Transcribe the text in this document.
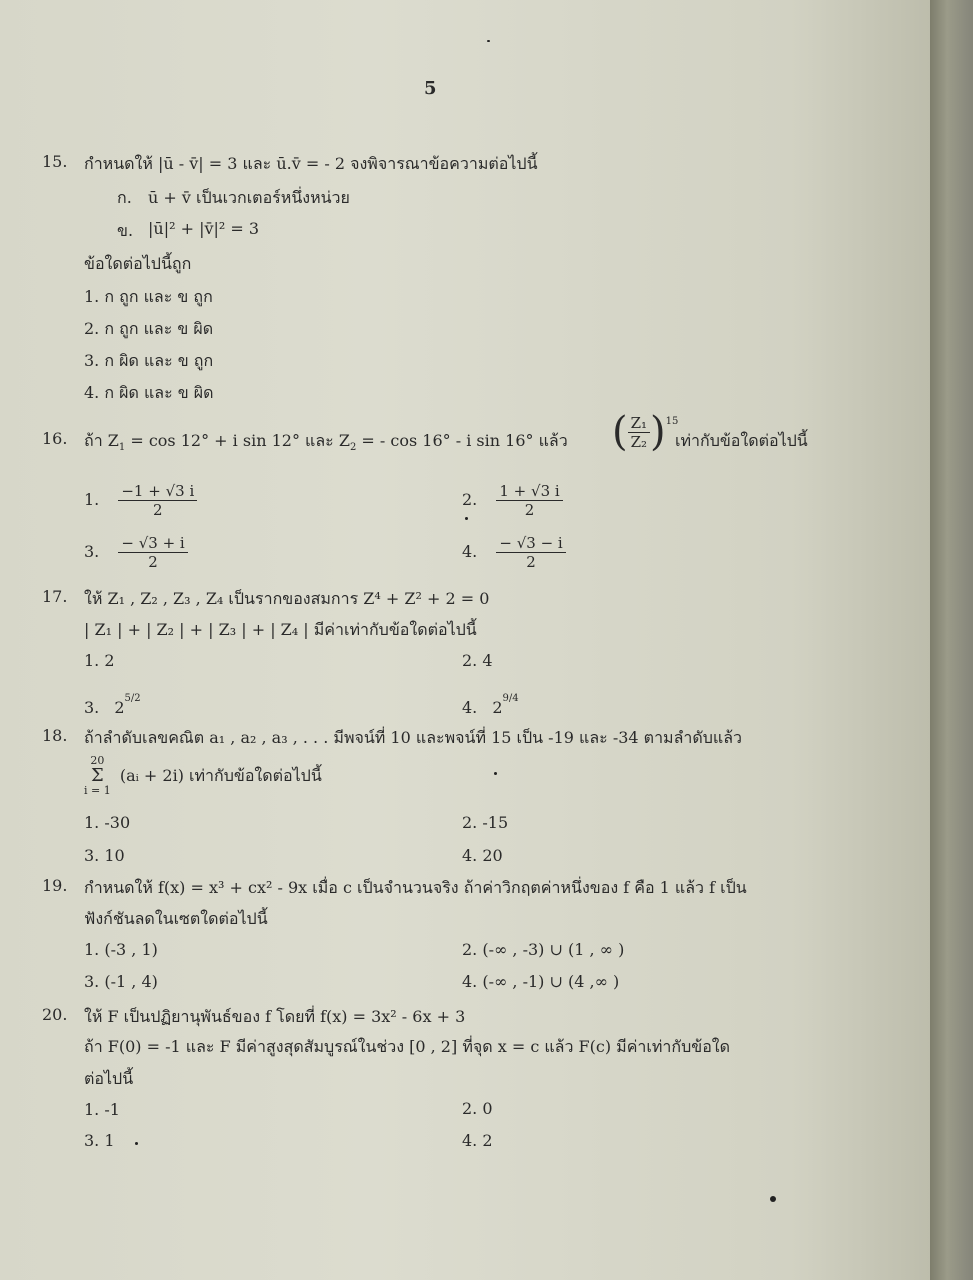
5
15. กำหนดให้ |ū - v̄| = 3 และ ū.v̄ = - 2 จงพิจารณาข้อความต่อไปนี้
ก. ū + v̄ เป็นเวกเตอร์หนึ่งหน่วย
ข. |ū|² + |v̄|² = 3
ข้อใดต่อไปนี้ถูก
1. ก ถูก และ ข ถูก
2. ก ถูก และ ข ผิด
3. ก ผิด และ ข ถูก
4. ก ผิด และ ข ผิด
16. ถ้า $Z_1 = \cos 12^\circ + i$ sin 12° และ $Z_2$ = - cos 16° - i sin 16° แล้ว ( $\frac{\text{Z₁}}{\text{Z₂}}$ ) $^{15}$
เท่ากับข้อใดต่อไปนี้
1. $\frac{-1 + √3 i}{2}$	2. $\frac{1 + √3 i}{2}$
3. $\frac{- √3 + i}{2}$	4. $\frac{- √3 - i}{2}$
17. ให้ Z₁ , Z₂ , Z₃ , Z₄ เป็นรากของสมการ Z⁴ + Z² + 2 = 0
| Z₁ | + | Z₂ | + | Z₃ | + | Z₄ | มีค่าเท่ากับข้อใดต่อไปนี้
1. 2	2. 4
3. $2^{5/2}$	4. $2^{9/4}$
18. ถ้าลำดับเลขคณิต a₁ , a₂ , a₃ , . . . มีพจน์ที่ 10 และพจน์ที่ 15 เป็น -19 และ -34 ตามลำดับแล้ว
20
Σ
i = 1
(aᵢ + 2i) เท่ากับข้อใดต่อไปนี้
1. -30	2. -15
3. 10	4. 20
19. กำหนดให้ f(x) = x³ + cx² - 9x เมื่อ c เป็นจำนวนจริง ถ้าค่าวิกฤตค่าหนึ่งของ f คือ 1 แล้ว f เป็น
ฟังก์ชันลดในเซตใดต่อไปนี้
1. (-3 , 1)	2. (-∞ , -3) ∪ (1 , ∞ )
3. (-1 , 4)	4. (-∞ , -1) ∪ (4 ,∞ )
20. ให้ F เป็นปฏิยานุพันธ์ของ f โดยที่ f(x) = 3x² - 6x + 3
ถ้า F(0) = -1 และ F มีค่าสูงสุดสัมบูรณ์ในช่วง [0 , 2] ที่จุด x = c แล้ว F(c) มีค่าเท่ากับข้อใด
ต่อไปนี้
1. -1	2. 0
3. 1	4. 2
